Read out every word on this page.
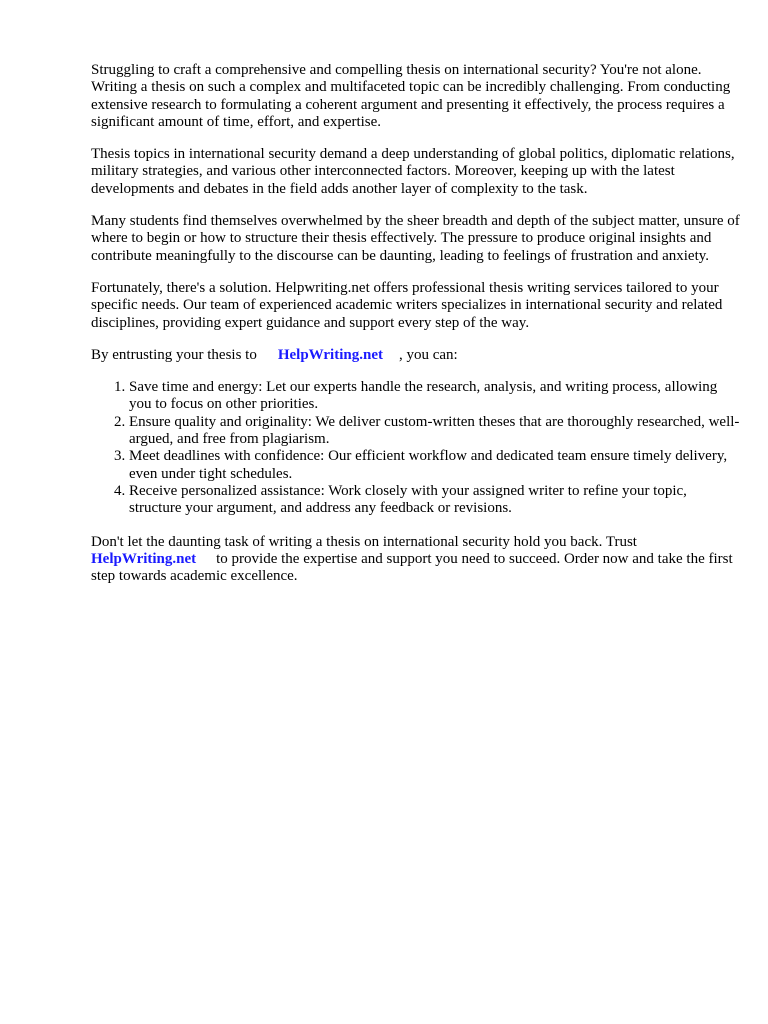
Struggling to craft a comprehensive and compelling thesis on international security? You're not alone. Writing a thesis on such a complex and multifaceted topic can be incredibly challenging. From conducting extensive research to formulating a coherent argument and presenting it effectively, the process requires a significant amount of time, effort, and expertise.

Thesis topics in international security demand a deep understanding of global politics, diplomatic relations, military strategies, and various other interconnected factors. Moreover, keeping up with the latest developments and debates in the field adds another layer of complexity to the task.

Many students find themselves overwhelmed by the sheer breadth and depth of the subject matter, unsure of where to begin or how to structure their thesis effectively. The pressure to produce original insights and contribute meaningfully to the discourse can be daunting, leading to feelings of frustration and anxiety.

Fortunately, there's a solution. Helpwriting.net offers professional thesis writing services tailored to your specific needs. Our team of experienced academic writers specializes in international security and related disciplines, providing expert guidance and support every step of the way.

By entrusting your thesis to HelpWriting.net , you can:

1. Save time and energy: Let our experts handle the research, analysis, and writing process, allowing you to focus on other priorities.
2. Ensure quality and originality: We deliver custom-written theses that are thoroughly researched, well-argued, and free from plagiarism.
3. Meet deadlines with confidence: Our efficient workflow and dedicated team ensure timely delivery, even under tight schedules.
4. Receive personalized assistance: Work closely with your assigned writer to refine your topic, structure your argument, and address any feedback or revisions.

Don't let the daunting task of writing a thesis on international security hold you back. Trust
HelpWriting.net to provide the expertise and support you need to succeed. Order now and take the first step towards academic excellence.
